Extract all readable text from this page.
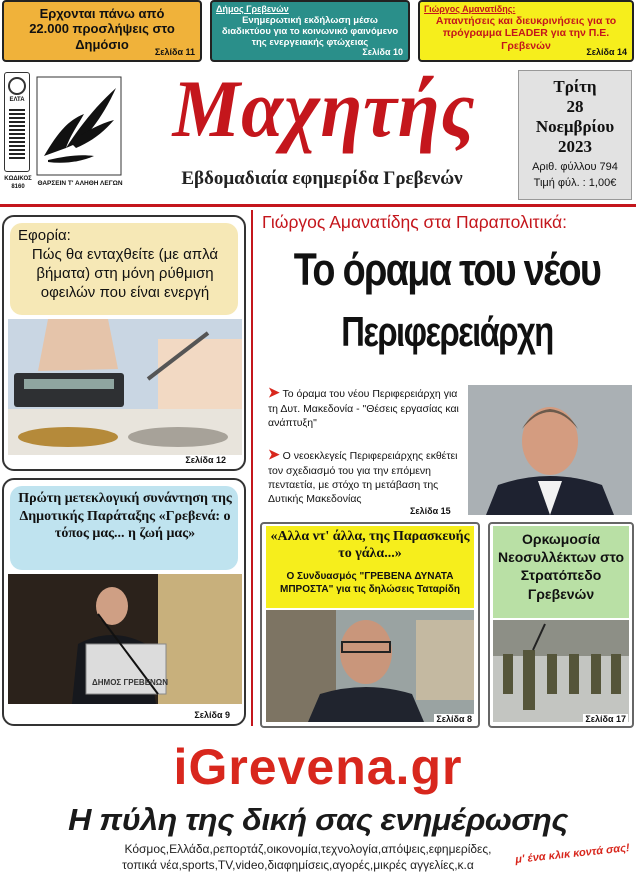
Ερχονται πάνω από 22.000 προσλήψεις στο Δημόσιο
Σελίδα 11
Δήμος Γρεβενών
Ενημερωτική εκδήλωση μέσω διαδικτύου για το κοινωνικό φαινόμενο της ενεργειακής φτώχειας
Σελίδα 10
Γιώργος Αμανατίδης:
Απαντήσεις και διευκρινήσεις για το πρόγραμμα LEADER για την Π.Ε. Γρεβενών
Σελίδα 14
ΕΛΤΑ
ΚΩΔΙΚΟΣ
8160	ΘΑΡΣΕΙΝ Τ' ΑΛΗΘΗ ΛΕΓΩΝ
Μαχητής
Εβδομαδιαία εφημερίδα Γρεβενών
Τρίτη
28
Νοεμβρίου
2023
Αριθ. φύλλου 794
Τιμή φύλ. : 1,00€
Εφορία:
Πώς θα ενταχθείτε (με απλά βήματα) στη μόνη ρύθμιση οφειλών που είναι ενεργή
Σελίδα 12
Πρώτη μετεκλογική συνάντηση της Δημοτικής Παράταξης «Γρεβενά: ο τόπος μας... η ζωή μας»
ΔΗΜΟΣ ΓΡΕΒΕΝΩΝ
Σελίδα 9
Γιώργος Αμανατίδης στα Παραπολιτικά:
Το όραμα του νέου
Περιφερειάρχη
➤ Το όραμα του νέου Περιφερειάρχη για τη Δυτ. Μακεδονία - "Θέσεις εργασίας και ανάπτυξη"
➤ Ο νεοεκλεγείς Περιφερειάρχης εκθέτει τον σχεδιασμό του για την επόμενη πενταετία, με στόχο τη μετάβαση της Δυτικής Μακεδονίας
Σελίδα 15
«Αλλα ντ' άλλα, της Παρασκευής το γάλα...»
Ο Συνδυασμός "ΓΡΕΒΕΝΑ ΔΥΝΑΤΑ ΜΠΡΟΣΤΑ" για τις δηλώσεις Ταταρίδη
Σελίδα 8
Ορκωμοσία Νεοσυλλέκτων στο Στρατόπεδο Γρεβενών
Σελίδα 17
iGrevena.gr
Η πύλη της δική σας ενημέρωσης
Κόσμος,Ελλάδα,ρεπορτάζ,οικονομία,τεχνολογία,απόψεις,εφημερίδες,
τοπικά νέα,sports,TV,video,διαφημίσεις,αγορές,μικρές αγγελίες,κ.α	μ' ένα κλικ κοντά σας!
